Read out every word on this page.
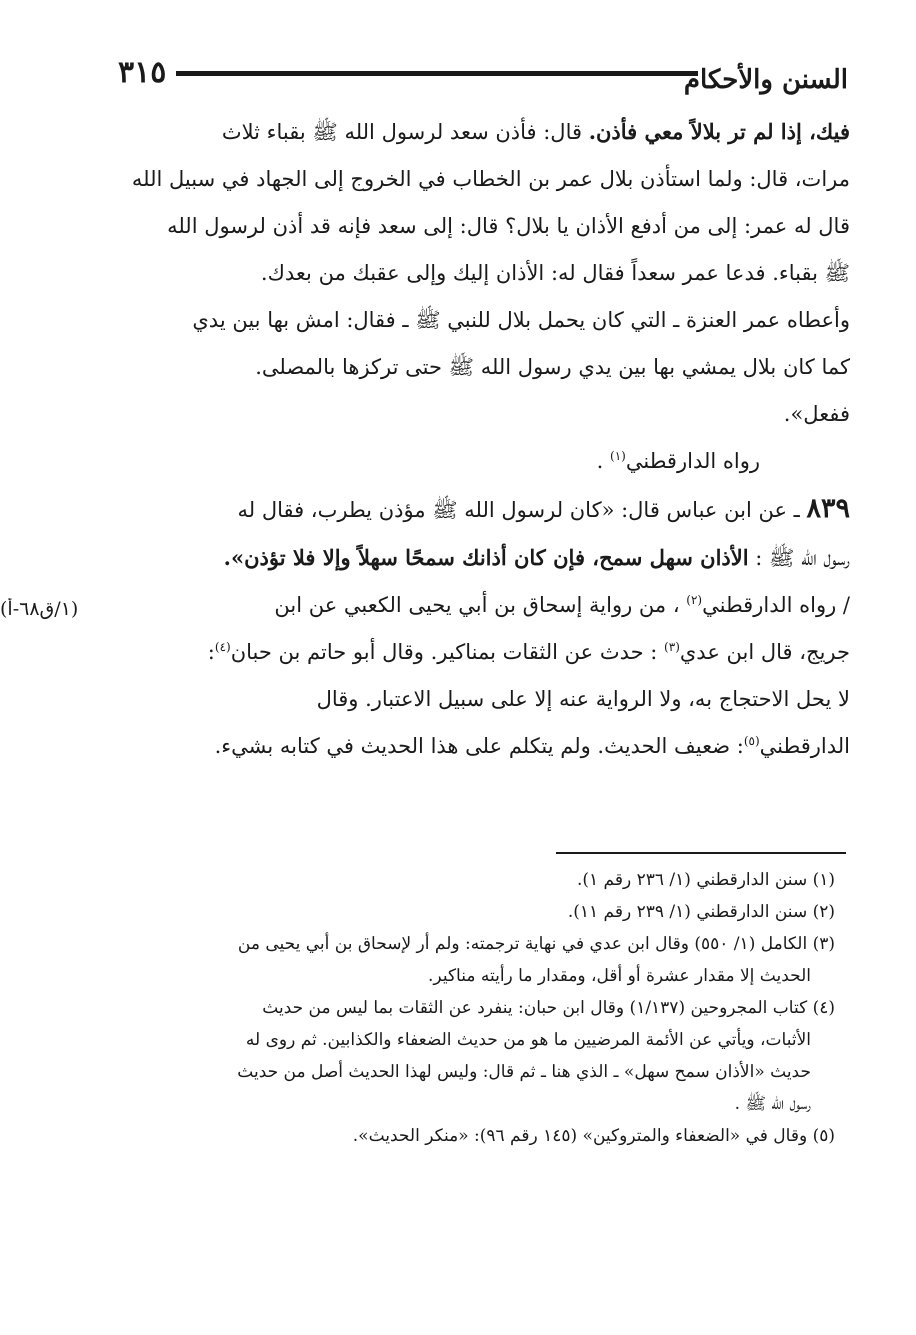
٣١٥	السنن والأحكام
(١/ق٦٨-أ)

فيك، إذا لم تر بلالاً معي فأذن. قال: فأذن سعد لرسول الله ﷺ بقباء ثلاث

مرات، قال: ولما استأذن بلال عمر بن الخطاب في الخروج إلى الجهاد في سبيل الله

قال له عمر: إلى من أدفع الأذان يا بلال؟ قال: إلى سعد فإنه قد أذن لرسول الله

ﷺ بقباء. فدعا عمر سعداً فقال له: الأذان إليك وإلى عقبك من بعدك.

وأعطاه عمر العنزة ـ التي كان يحمل بلال للنبي ﷺ ـ فقال: امش بها بين يدي

كما كان بلال يمشي بها بين يدي رسول الله ﷺ حتى تركزها بالمصلى.

ففعل».

رواه الدارقطني$^{(١)}$ .

٨٣٩ ـ عن ابن عباس قال: «كان لرسول الله ﷺ مؤذن يطرب، فقال له

رسول الله ﷺ : الأذان سهل سمح، فإن كان أذانك سمحًا سهلاً وإلا فلا تؤذن».

/ رواه الدارقطني$^{(٢)}$ ، من رواية إسحاق بن أبي يحيى الكعبي عن ابن

جريج، قال ابن عدي$^{(٣)}$ : حدث عن الثقات بمناكير. وقال أبو حاتم بن حبان$^{(٤)}$:

لا يحل الاحتجاج به، ولا الرواية عنه إلا على سبيل الاعتبار. وقال

الدارقطني$^{(٥)}$: ضعيف الحديث. ولم يتكلم على هذا الحديث في كتابه بشيء.

(١) سنن الدارقطني (١/ ٢٣٦ رقم ١).

(٢) سنن الدارقطني (١/ ٢٣٩ رقم ١١).

(٣) الكامل (١/ ٥٥٠) وقال ابن عدي في نهاية ترجمته: ولم أر لإسحاق بن أبي يحيى من

الحديث إلا مقدار عشرة أو أقل، ومقدار ما رأيته مناكير.

(٤) كتاب المجروحين (١/١٣٧) وقال ابن حبان: ينفرد عن الثقات بما ليس من حديث

الأثبات، ويأتي عن الأئمة المرضيين ما هو من حديث الضعفاء والكذابين. ثم روى له

حديث «الأذان سمح سهل» ـ الذي هنا ـ ثم قال: وليس لهذا الحديث أصل من حديث

رسول الله ﷺ .

(٥) وقال في «الضعفاء والمتروكين» (١٤٥ رقم ٩٦): «منكر الحديث».
